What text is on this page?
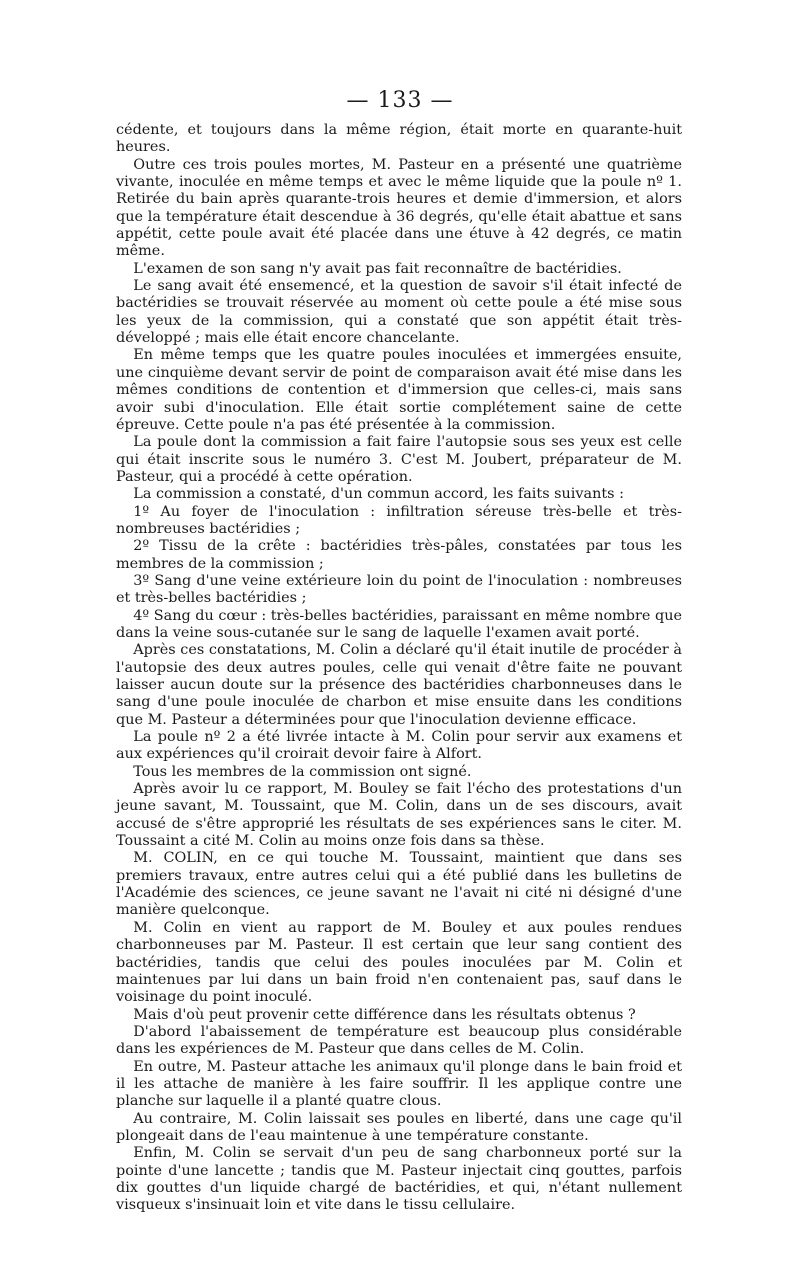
— 133 —

cédente, et toujours dans la même région, était morte en quarante-huit heures.

Outre ces trois poules mortes, M. Pasteur en a présenté une quatrième vivante, inoculée en même temps et avec le même liquide que la poule nº 1. Retirée du bain après quarante-trois heures et demie d'immersion, et alors que la température était descendue à 36 degrés, qu'elle était abattue et sans appétit, cette poule avait été placée dans une étuve à 42 degrés, ce matin même.

L'examen de son sang n'y avait pas fait reconnaître de bactéridies.

Le sang avait été ensemencé, et la question de savoir s'il était infecté de bactéridies se trouvait réservée au moment où cette poule a été mise sous les yeux de la commission, qui a constaté que son appétit était très-développé ; mais elle était encore chancelante.

En même temps que les quatre poules inoculées et immergées ensuite, une cinquième devant servir de point de comparaison avait été mise dans les mêmes conditions de contention et d'immersion que celles-ci, mais sans avoir subi d'inoculation. Elle était sortie complétement saine de cette épreuve. Cette poule n'a pas été présentée à la commission.

La poule dont la commission a fait faire l'autopsie sous ses yeux est celle qui était inscrite sous le numéro 3. C'est M. Joubert, préparateur de M. Pasteur, qui a procédé à cette opération.

La commission a constaté, d'un commun accord, les faits suivants :

1º Au foyer de l'inoculation : infiltration séreuse très-belle et très-nombreuses bactéridies ;

2º Tissu de la crête : bactéridies très-pâles, constatées par tous les membres de la commission ;

3º Sang d'une veine extérieure loin du point de l'inoculation : nombreuses et très-belles bactéridies ;

4º Sang du cœur : très-belles bactéridies, paraissant en même nombre que dans la veine sous-cutanée sur le sang de laquelle l'examen avait porté.

Après ces constatations, M. Colin a déclaré qu'il était inutile de procéder à l'autopsie des deux autres poules, celle qui venait d'être faite ne pouvant laisser aucun doute sur la présence des bactéridies charbonneuses dans le sang d'une poule inoculée de charbon et mise ensuite dans les conditions que M. Pasteur a déterminées pour que l'inoculation devienne efficace.

La poule nº 2 a été livrée intacte à M. Colin pour servir aux examens et aux expériences qu'il croirait devoir faire à Alfort.

Tous les membres de la commission ont signé.

Après avoir lu ce rapport, M. Bouley se fait l'écho des protestations d'un jeune savant, M. Toussaint, que M. Colin, dans un de ses discours, avait accusé de s'être approprié les résultats de ses expériences sans le citer. M. Toussaint a cité M. Colin au moins onze fois dans sa thèse.

M. COLIN, en ce qui touche M. Toussaint, maintient que dans ses premiers travaux, entre autres celui qui a été publié dans les bulletins de l'Académie des sciences, ce jeune savant ne l'avait ni cité ni désigné d'une manière quelconque.

M. Colin en vient au rapport de M. Bouley et aux poules rendues charbonneuses par M. Pasteur. Il est certain que leur sang contient des bactéridies, tandis que celui des poules inoculées par M. Colin et maintenues par lui dans un bain froid n'en contenaient pas, sauf dans le voisinage du point inoculé.

Mais d'où peut provenir cette différence dans les résultats obtenus ?

D'abord l'abaissement de température est beaucoup plus considérable dans les expériences de M. Pasteur que dans celles de M. Colin.

En outre, M. Pasteur attache les animaux qu'il plonge dans le bain froid et il les attache de manière à les faire souffrir. Il les applique contre une planche sur laquelle il a planté quatre clous.

Au contraire, M. Colin laissait ses poules en liberté, dans une cage qu'il plongeait dans de l'eau maintenue à une température constante.

Enfin, M. Colin se servait d'un peu de sang charbonneux porté sur la pointe d'une lancette ; tandis que M. Pasteur injectait cinq gouttes, parfois dix gouttes d'un liquide chargé de bactéridies, et qui, n'étant nullement visqueux s'insinuait loin et vite dans le tissu cellulaire.
